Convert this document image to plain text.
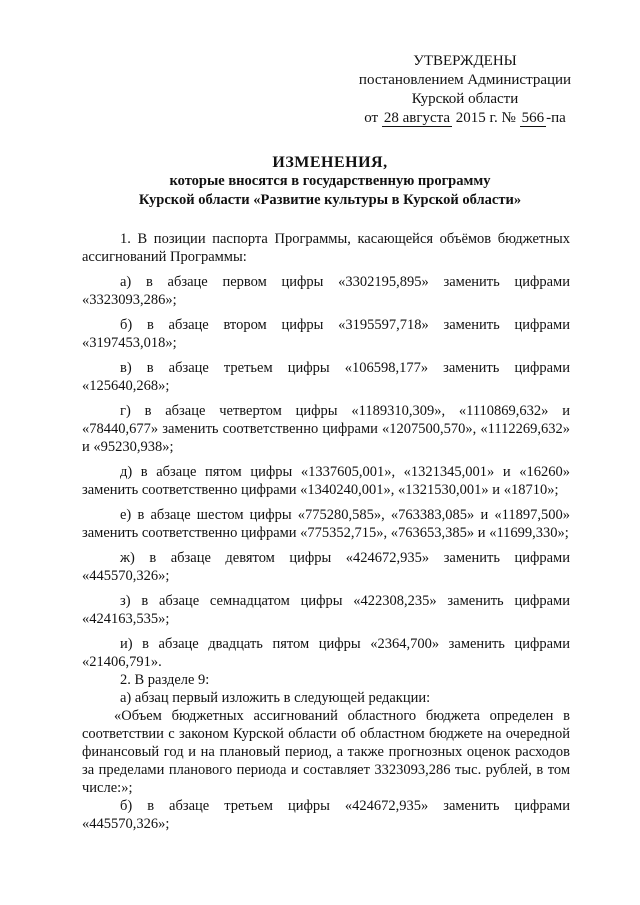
УТВЕРЖДЕНЫ
постановлением Администрации
Курской области
от 28 августа 2015 г. № 566 -па
ИЗМЕНЕНИЯ,
которые вносятся в государственную программу
Курской области «Развитие культуры в Курской области»

1. В позиции паспорта Программы, касающейся объёмов бюджетных ассигнований Программы:

а) в абзаце первом цифры «3302195,895» заменить цифрами «3323093,286»;

б) в абзаце втором цифры «3195597,718» заменить цифрами «3197453,018»;

в) в абзаце третьем цифры «106598,177» заменить цифрами «125640,268»;

г) в абзаце четвертом цифры «1189310,309», «1110869,632» и «78440,677» заменить соответственно цифрами «1207500,570», «1112269,632» и «95230,938»;

д) в абзаце пятом цифры «1337605,001», «1321345,001» и «16260» заменить соответственно цифрами «1340240,001», «1321530,001» и «18710»;

е) в абзаце шестом цифры «775280,585», «763383,085» и «11897,500» заменить соответственно цифрами «775352,715», «763653,385» и «11699,330»;

ж) в абзаце девятом цифры «424672,935» заменить цифрами «445570,326»;

з) в абзаце семнадцатом цифры «422308,235» заменить цифрами «424163,535»;

и) в абзаце двадцать пятом цифры «2364,700» заменить цифрами «21406,791».

2. В разделе 9:

а) абзац первый изложить в следующей редакции:

«Объем бюджетных ассигнований областного бюджета определен в соответствии с законом Курской области об областном бюджете на очередной финансовый год и на плановый период, а также прогнозных оценок расходов за пределами планового периода и составляет 3323093,286 тыс. рублей, в том числе:»;

б) в абзаце третьем цифры «424672,935» заменить цифрами «445570,326»;
